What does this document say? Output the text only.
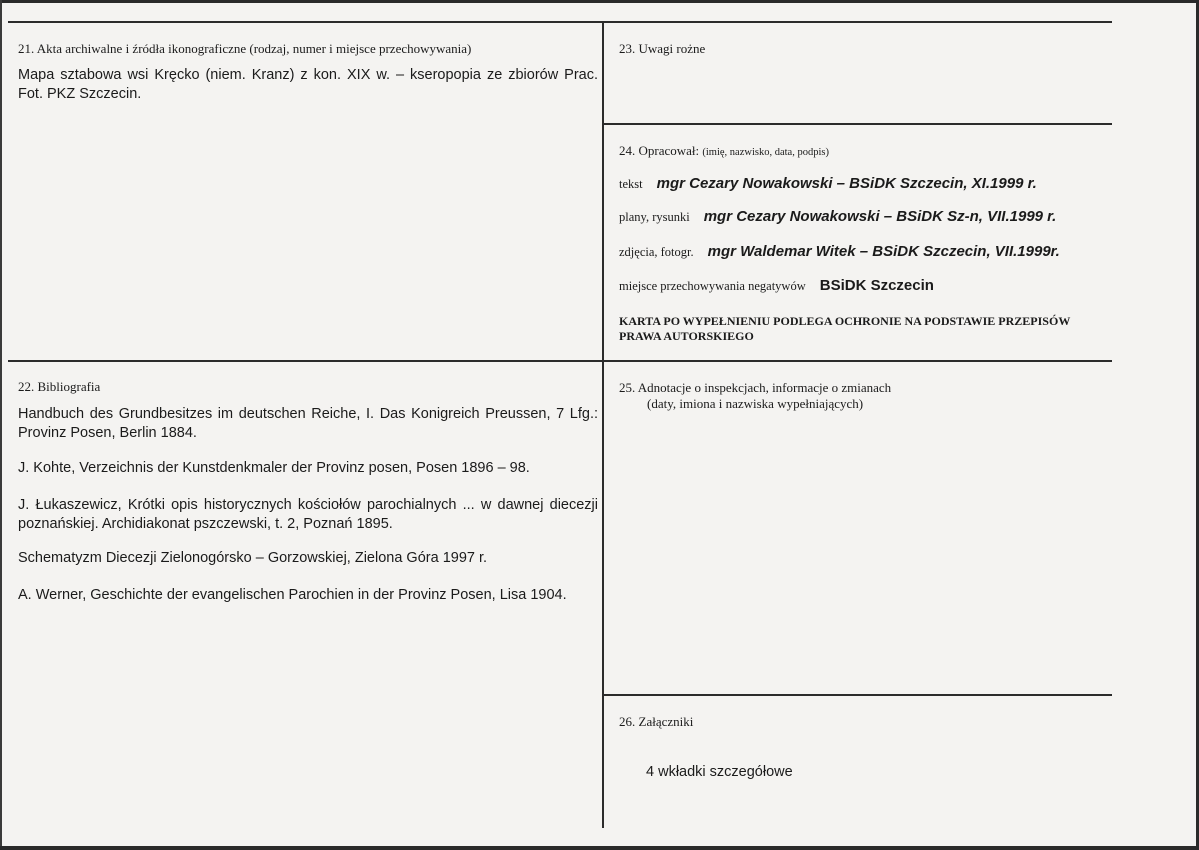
21. Akta archiwalne i źródła ikonograficzne (rodzaj, numer i miejsce przechowywania)
Mapa sztabowa wsi Kręcko (niem. Kranz) z kon. XIX w. – kseropopia ze zbiorów Prac. Fot. PKZ Szczecin.
22. Bibliografia
Handbuch des Grundbesitzes im deutschen Reiche, I. Das Konigreich Preussen, 7 Lfg.: Provinz Posen, Berlin 1884.
J. Kohte, Verzeichnis der Kunstdenkmaler der Provinz posen, Posen 1896 – 98.
J. Łukaszewicz, Krótki opis historycznych kościołów parochialnych ... w dawnej diecezji poznańskiej. Archidiakonat pszczewski, t. 2, Poznań 1895.
Schematyzm Diecezji Zielonogórsko – Gorzowskiej, Zielona Góra 1997 r.
A. Werner, Geschichte der evangelischen Parochien in der Provinz Posen, Lisa 1904.
23. Uwagi rożne
24. Opracował: (imię, nazwisko, data, podpis)
tekst mgr Cezary Nowakowski – BSiDK Szczecin, XI.1999 r.
plany, rysunki mgr Cezary Nowakowski – BSiDK Sz-n, VII.1999 r.
zdjęcia, fotogr. mgr Waldemar Witek – BSiDK Szczecin, VII.1999r.
miejsce przechowywania negatywów BSiDK Szczecin
KARTA PO WYPEŁNIENIU PODLEGA OCHRONIE NA PODSTAWIE PRZEPISÓW PRAWA AUTORSKIEGO
25. Adnotacje o inspekcjach, informacje o zmianach
(daty, imiona i nazwiska wypełniających)
26. Załączniki
4 wkładki szczegółowe
